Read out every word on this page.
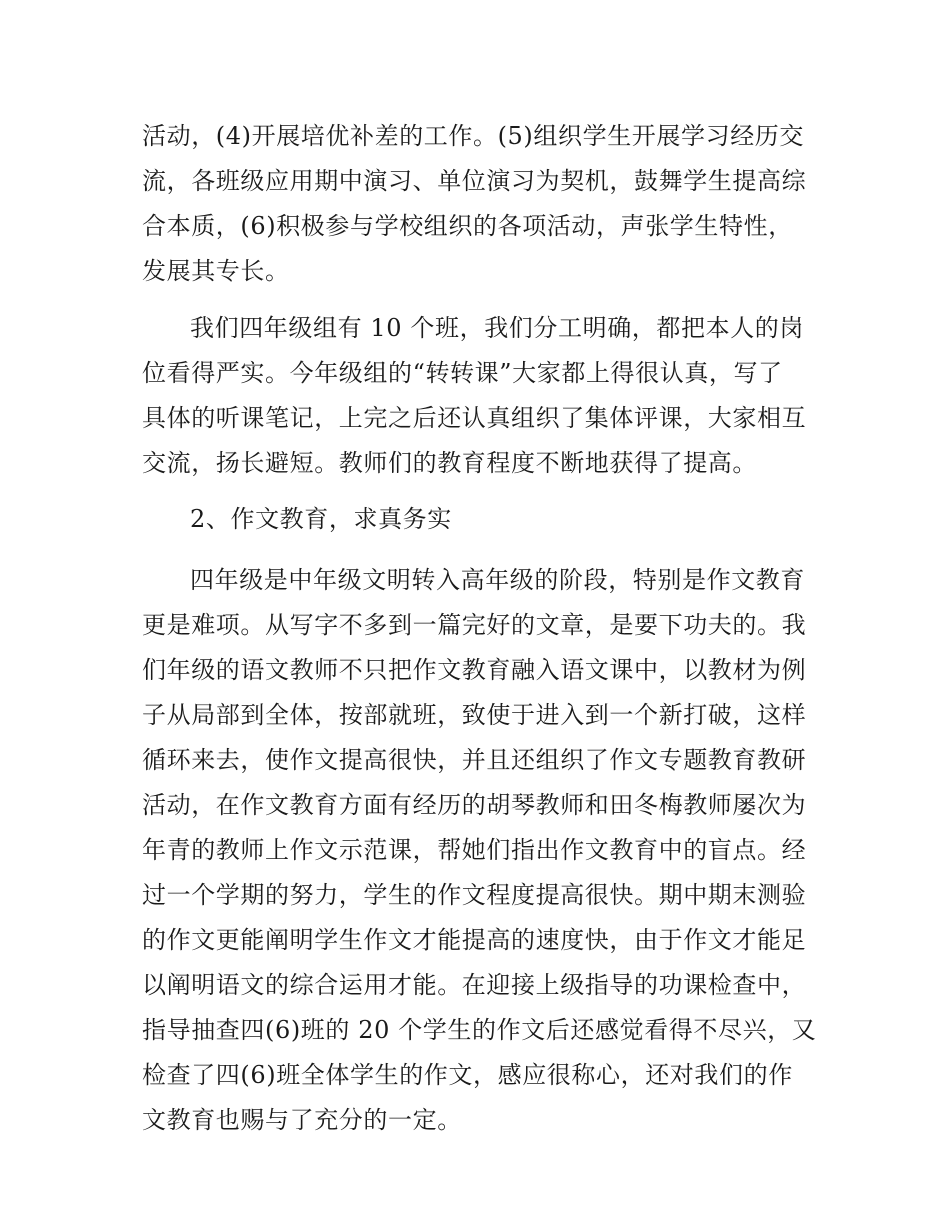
活动，(4)开展培优补差的工作。(5)组织学生开展学习经历交
流，各班级应用期中演习、单位演习为契机，鼓舞学生提高综
合本质，(6)积极参与学校组织的各项活动，声张学生特性，
发展其专长。
我们四年级组有 10 个班，我们分工明确，都把本人的岗
位看得严实。今年级组的“转转课”大家都上得很认真，写了
具体的听课笔记，上完之后还认真组织了集体评课，大家相互
交流，扬长避短。教师们的教育程度不断地获得了提高。
2、作文教育，求真务实
四年级是中年级文明转入高年级的阶段，特别是作文教育
更是难项。从写字不多到一篇完好的文章，是要下功夫的。我
们年级的语文教师不只把作文教育融入语文课中，以教材为例
子从局部到全体，按部就班，致使于进入到一个新打破，这样
循环来去，使作文提高很快，并且还组织了作文专题教育教研
活动，在作文教育方面有经历的胡琴教师和田冬梅教师屡次为
年青的教师上作文示范课，帮她们指出作文教育中的盲点。经
过一个学期的努力，学生的作文程度提高很快。期中期末测验
的作文更能阐明学生作文才能提高的速度快，由于作文才能足
以阐明语文的综合运用才能。在迎接上级指导的功课检查中，
指导抽查四(6)班的 20 个学生的作文后还感觉看得不尽兴，又
检查了四(6)班全体学生的作文，感应很称心，还对我们的作
文教育也赐与了充分的一定。
